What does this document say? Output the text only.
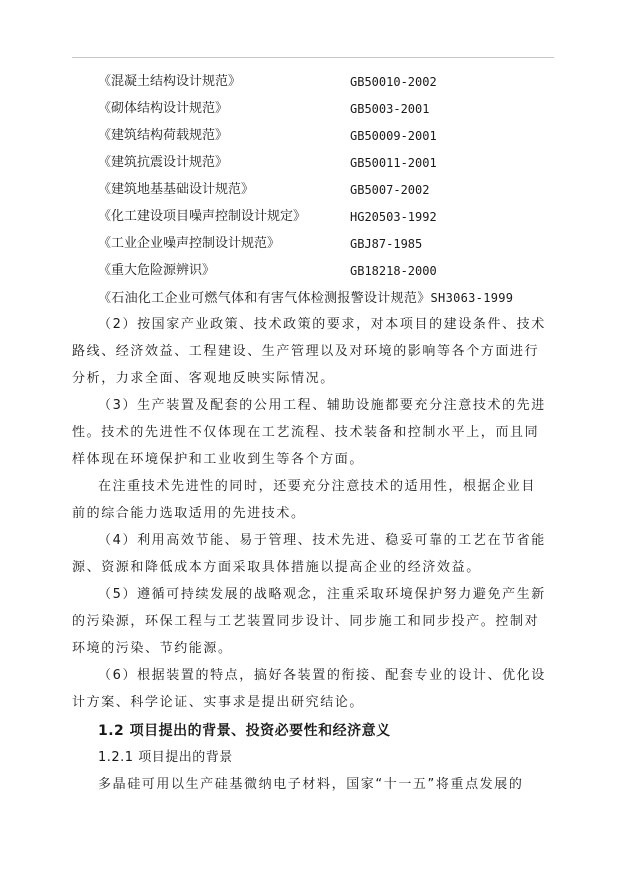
《混凝土结构设计规范》	GB50010-2002
《砌体结构设计规范》	GB5003-2001
《建筑结构荷载规范》	GB50009-2001
《建筑抗震设计规范》	GB50011-2001
《建筑地基基础设计规范》	GB5007-2002
《化工建设项目噪声控制设计规定》	HG20503-1992
《工业企业噪声控制设计规范》	GBJ87-1985
《重大危险源辨识》	GB18218-2000
《石油化工企业可燃气体和有害气体检测报警设计规范》SH3063-1999
（2）按国家产业政策、技术政策的要求，对本项目的建设条件、技术
路线、经济效益、工程建设、生产管理以及对环境的影响等各个方面进行
分析，力求全面、客观地反映实际情况。
（3）生产装置及配套的公用工程、辅助设施都要充分注意技术的先进
性。技术的先进性不仅体现在工艺流程、技术装备和控制水平上，而且同
样体现在环境保护和工业收到生等各个方面。
在注重技术先进性的同时，还要充分注意技术的适用性，根据企业目
前的综合能力选取适用的先进技术。
（4）利用高效节能、易于管理、技术先进、稳妥可靠的工艺在节省能
源、资源和降低成本方面采取具体措施以提高企业的经济效益。
（5）遵循可持续发展的战略观念，注重采取环境保护努力避免产生新
的污染源，环保工程与工艺装置同步设计、同步施工和同步投产。控制对
环境的污染、节约能源。
（6）根据装置的特点，搞好各装置的衔接、配套专业的设计、优化设
计方案、科学论证、实事求是提出研究结论。
1.2 项目提出的背景、投资必要性和经济意义
1.2.1 项目提出的背景
多晶硅可用以生产硅基微纳电子材料，国家“十一五”将重点发展的
